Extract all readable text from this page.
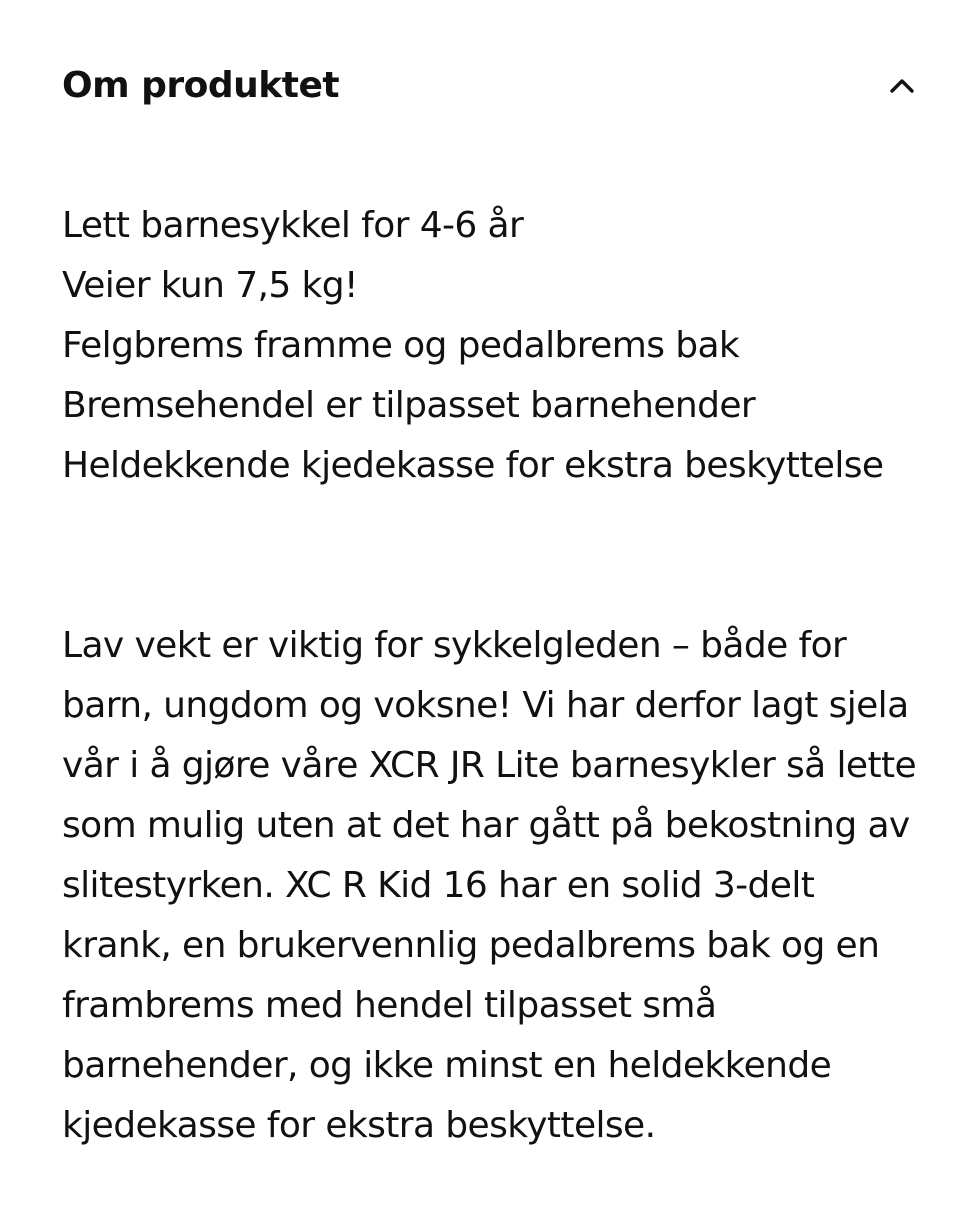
Om produktet
Lett barnesykkel for 4-6 år
Veier kun 7,5 kg!
Felgbrems framme og pedalbrems bak
Bremsehendel er tilpasset barnehender
Heldekkende kjedekasse for ekstra beskyttelse

Lav vekt er viktig for sykkelgleden – både for barn, ungdom og voksne! Vi har derfor lagt sjela vår i å gjøre våre XCR JR Lite barnesykler så lette som mulig uten at det har gått på bekostning av slitestyrken. XC R Kid 16 har en solid 3-delt krank, en brukervennlig pedalbrems bak og en frambrems med hendel tilpasset små barnehender, og ikke minst en heldekkende kjedekasse for ekstra beskyttelse.
